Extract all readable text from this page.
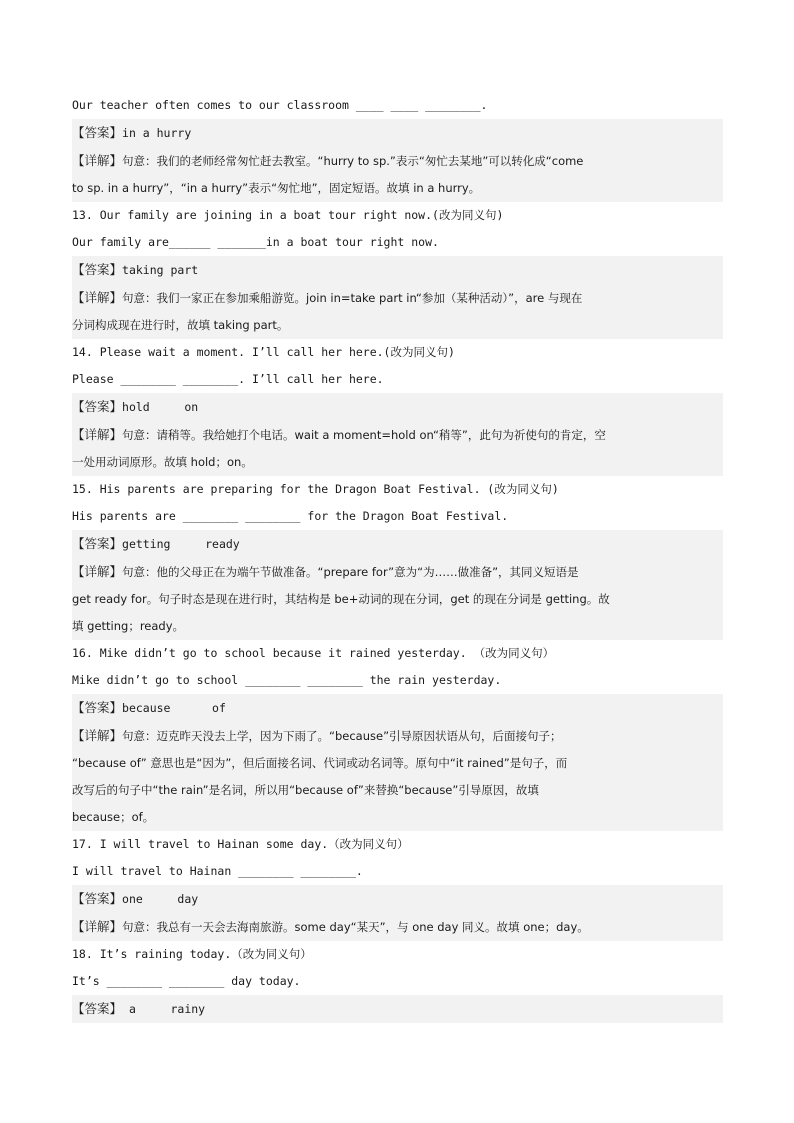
Our teacher often comes to our classroom ____ ____ ________.
【答案】in a hurry
【详解】句意：我们的老师经常匆忙赶去教室。“hurry to sp.”表示“匆忙去某地”可以转化成“come
to sp. in a hurry”，“in a hurry”表示“匆忙地”，固定短语。故填 in a hurry。
13. Our family are joining in a boat tour right now.(改为同义句)
Our family are______ _______in a boat tour right now.
【答案】taking part
【详解】句意：我们一家正在参加乘船游览。join in=take part in“参加（某种活动）”，are 与现在
分词构成现在进行时，故填 taking part。
14. Please wait a moment. I’ll call her here.(改为同义句)
Please ________ ________. I’ll call her here.
【答案】hold     on
【详解】句意：请稍等。我给她打个电话。wait a moment=hold on“稍等”，此句为祈使句的肯定，空
一处用动词原形。故填 hold；on。
15. His parents are preparing for the Dragon Boat Festival. (改为同义句)
His parents are ________ ________ for the Dragon Boat Festival.
【答案】getting     ready
【详解】句意：他的父母正在为端午节做准备。“prepare for”意为“为……做准备”，其同义短语是
get ready for。句子时态是现在进行时，其结构是 be+动词的现在分词，get 的现在分词是 getting。故
填 getting；ready。
16. Mike didn’t go to school because it rained yesterday. （改为同义句）
Mike didn’t go to school ________ ________ the rain yesterday.
【答案】because      of
【详解】句意：迈克昨天没去上学，因为下雨了。“because”引导原因状语从句，后面接句子；
“because of” 意思也是“因为”，但后面接名词、代词或动名词等。原句中“it rained”是句子，而
改写后的句子中“the rain”是名词，所以用“because of”来替换“because”引导原因，故填
because；of。
17. I will travel to Hainan some day.（改为同义句）
I will travel to Hainan ________ ________.
【答案】one     day
【详解】句意：我总有一天会去海南旅游。some day“某天”，与 one day 同义。故填 one；day。
18. It’s raining today.（改为同义句）
It’s ________ ________ day today.
【答案】 a     rainy
